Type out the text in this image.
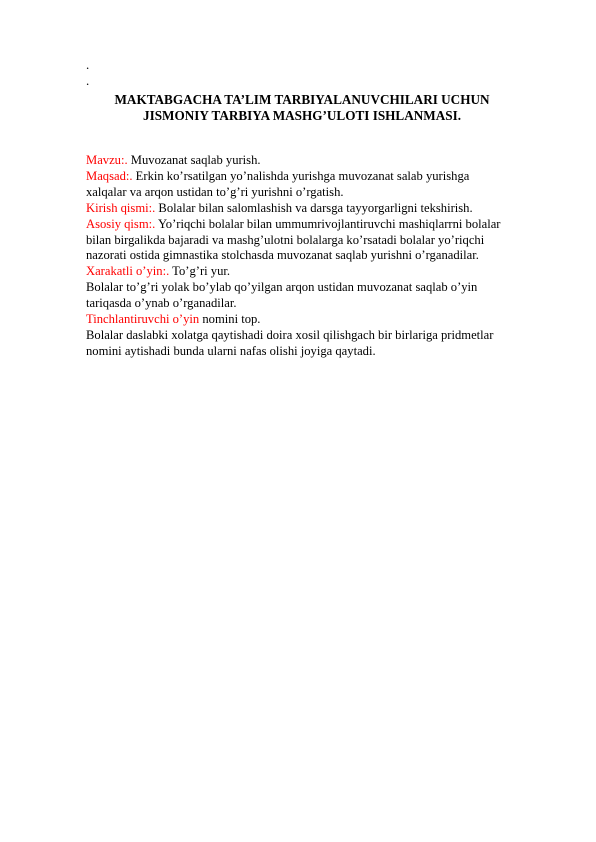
.
.
MAKTABGACHA TA’LIM TARBIYALANUVCHILARI UCHUN
JISMONIY TARBIYA MASHG’ULOTI ISHLANMASI.
Mavzu:. Muvozanat saqlab yurish.
Maqsad:. Erkin ko’rsatilgan yo’nalishda yurishga muvozanat salab yurishga
xalqalar va arqon ustidan to’g’ri yurishni o’rgatish.
Kirish qismi:. Bolalar bilan salomlashish va darsga tayyorgarligni tekshirish.
Asosiy qism:. Yo’riqchi bolalar bilan ummumrivojlantiruvchi mashiqlarrni bolalar
bilan birgalikda bajaradi va mashg’ulotni bolalarga ko’rsatadi bolalar yo’riqchi
nazorati ostida gimnastika stolchasda muvozanat saqlab yurishni o’rganadilar.
Xarakatli o’yin:. To’g’ri yur.
Bolalar to’g’ri yolak bo’ylab qo’yilgan arqon ustidan muvozanat saqlab o’yin
tariqasda o’ynab o’rganadilar.
Tinchlantiruvchi o’yin nomini top.
Bolalar daslabki xolatga qaytishadi doira xosil qilishgach bir birlariga pridmetlar
nomini aytishadi bunda ularni nafas olishi joyiga qaytadi.
